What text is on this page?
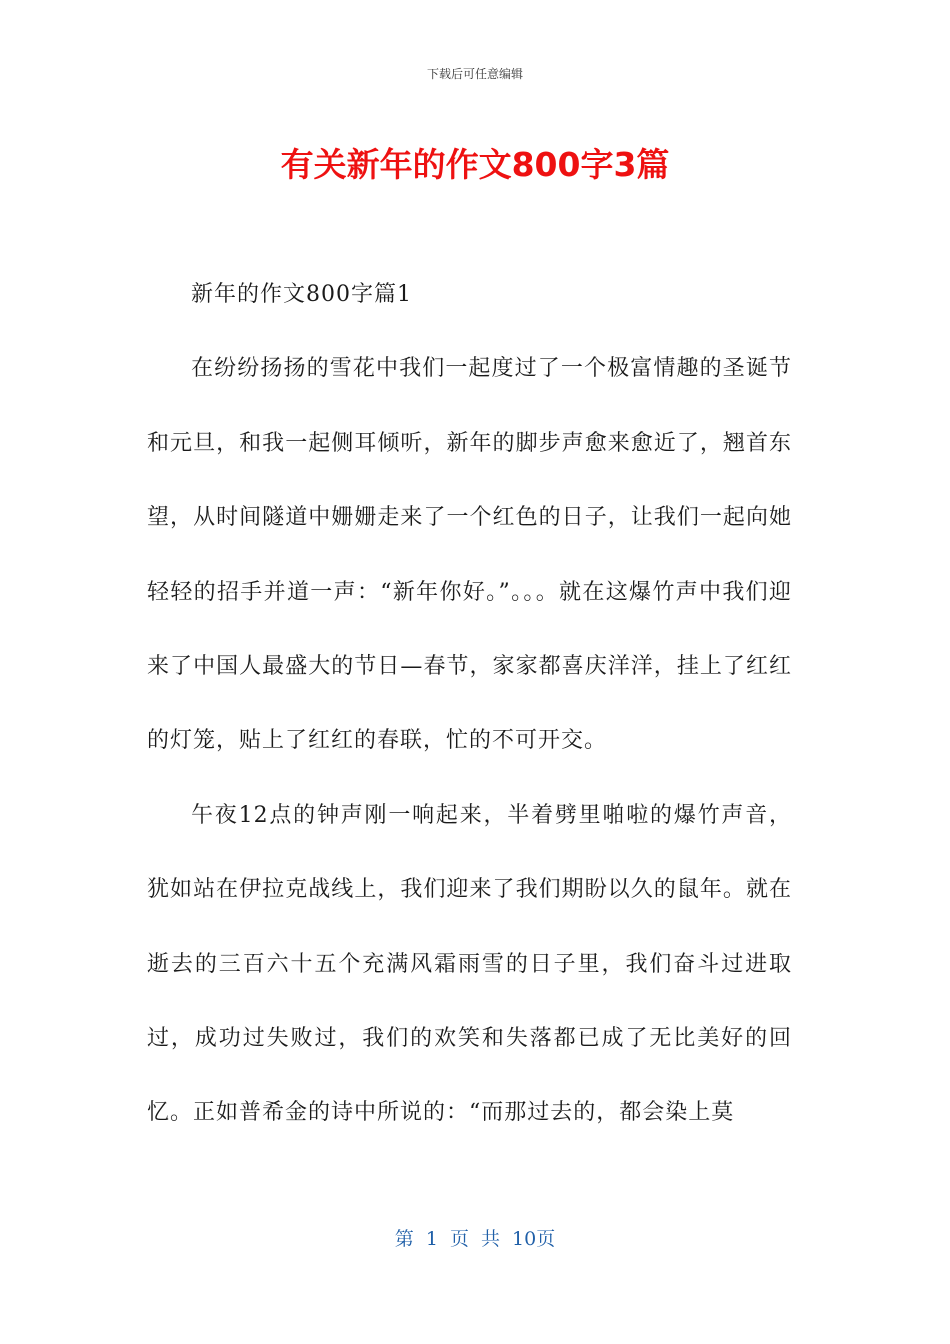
下载后可任意编辑
有关新年的作文800字3篇

新年的作文800字篇1

在纷纷扬扬的雪花中我们一起度过了一个极富情趣的圣诞节和元旦，和我一起侧耳倾听，新年的脚步声愈来愈近了，翘首东望，从时间隧道中姗姗走来了一个红色的日子，让我们一起向她轻轻的招手并道一声：“新年你好。”。。。就在这爆竹声中我们迎来了中国人最盛大的节日—春节，家家都喜庆洋洋，挂上了红红的灯笼，贴上了红红的春联，忙的不可开交。

午夜12点的钟声刚一响起来，半着劈里啪啦的爆竹声音，犹如站在伊拉克战线上，我们迎来了我们期盼以久的鼠年。就在逝去的三百六十五个充满风霜雨雪的日子里，我们奋斗过进取过，成功过失败过，我们的欢笑和失落都已成了无比美好的回忆。正如普希金的诗中所说的：“而那过去的，都会染上莫

第 1 页 共 10页
